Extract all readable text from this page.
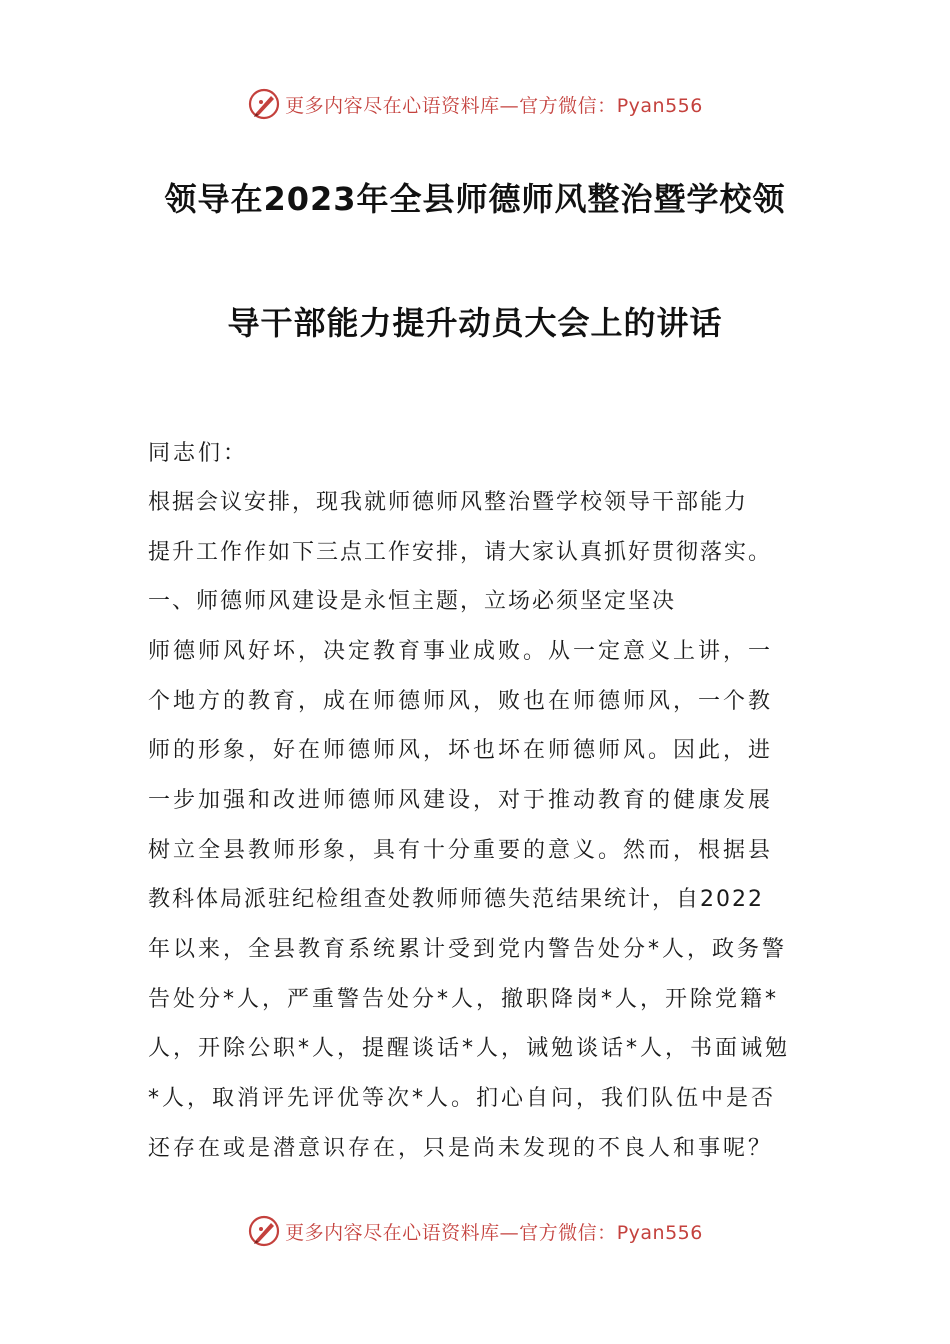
更多内容尽在心语资料库—官方微信：Pyan556
领导在2023年全县师德师风整治暨学校领
导干部能力提升动员大会上的讲话

同志们：

根据会议安排，现我就师德师风整治暨学校领导干部能力

提升工作作如下三点工作安排，请大家认真抓好贯彻落实。

一、师德师风建设是永恒主题，立场必须坚定坚决

师德师风好坏，决定教育事业成败。从一定意义上讲，一

个地方的教育，成在师德师风，败也在师德师风，一个教

师的形象，好在师德师风，坏也坏在师德师风。因此，进

一步加强和改进师德师风建设，对于推动教育的健康发展

树立全县教师形象，具有十分重要的意义。然而，根据县

教科体局派驻纪检组查处教师师德失范结果统计，自2022

年以来，全县教育系统累计受到党内警告处分*人，政务警

告处分*人，严重警告处分*人，撤职降岗*人，开除党籍*

人，开除公职*人，提醒谈话*人，诫勉谈话*人，书面诫勉

*人，取消评先评优等次*人。扪心自问，我们队伍中是否

还存在或是潜意识存在，只是尚未发现的不良人和事呢？

更多内容尽在心语资料库—官方微信：Pyan556
